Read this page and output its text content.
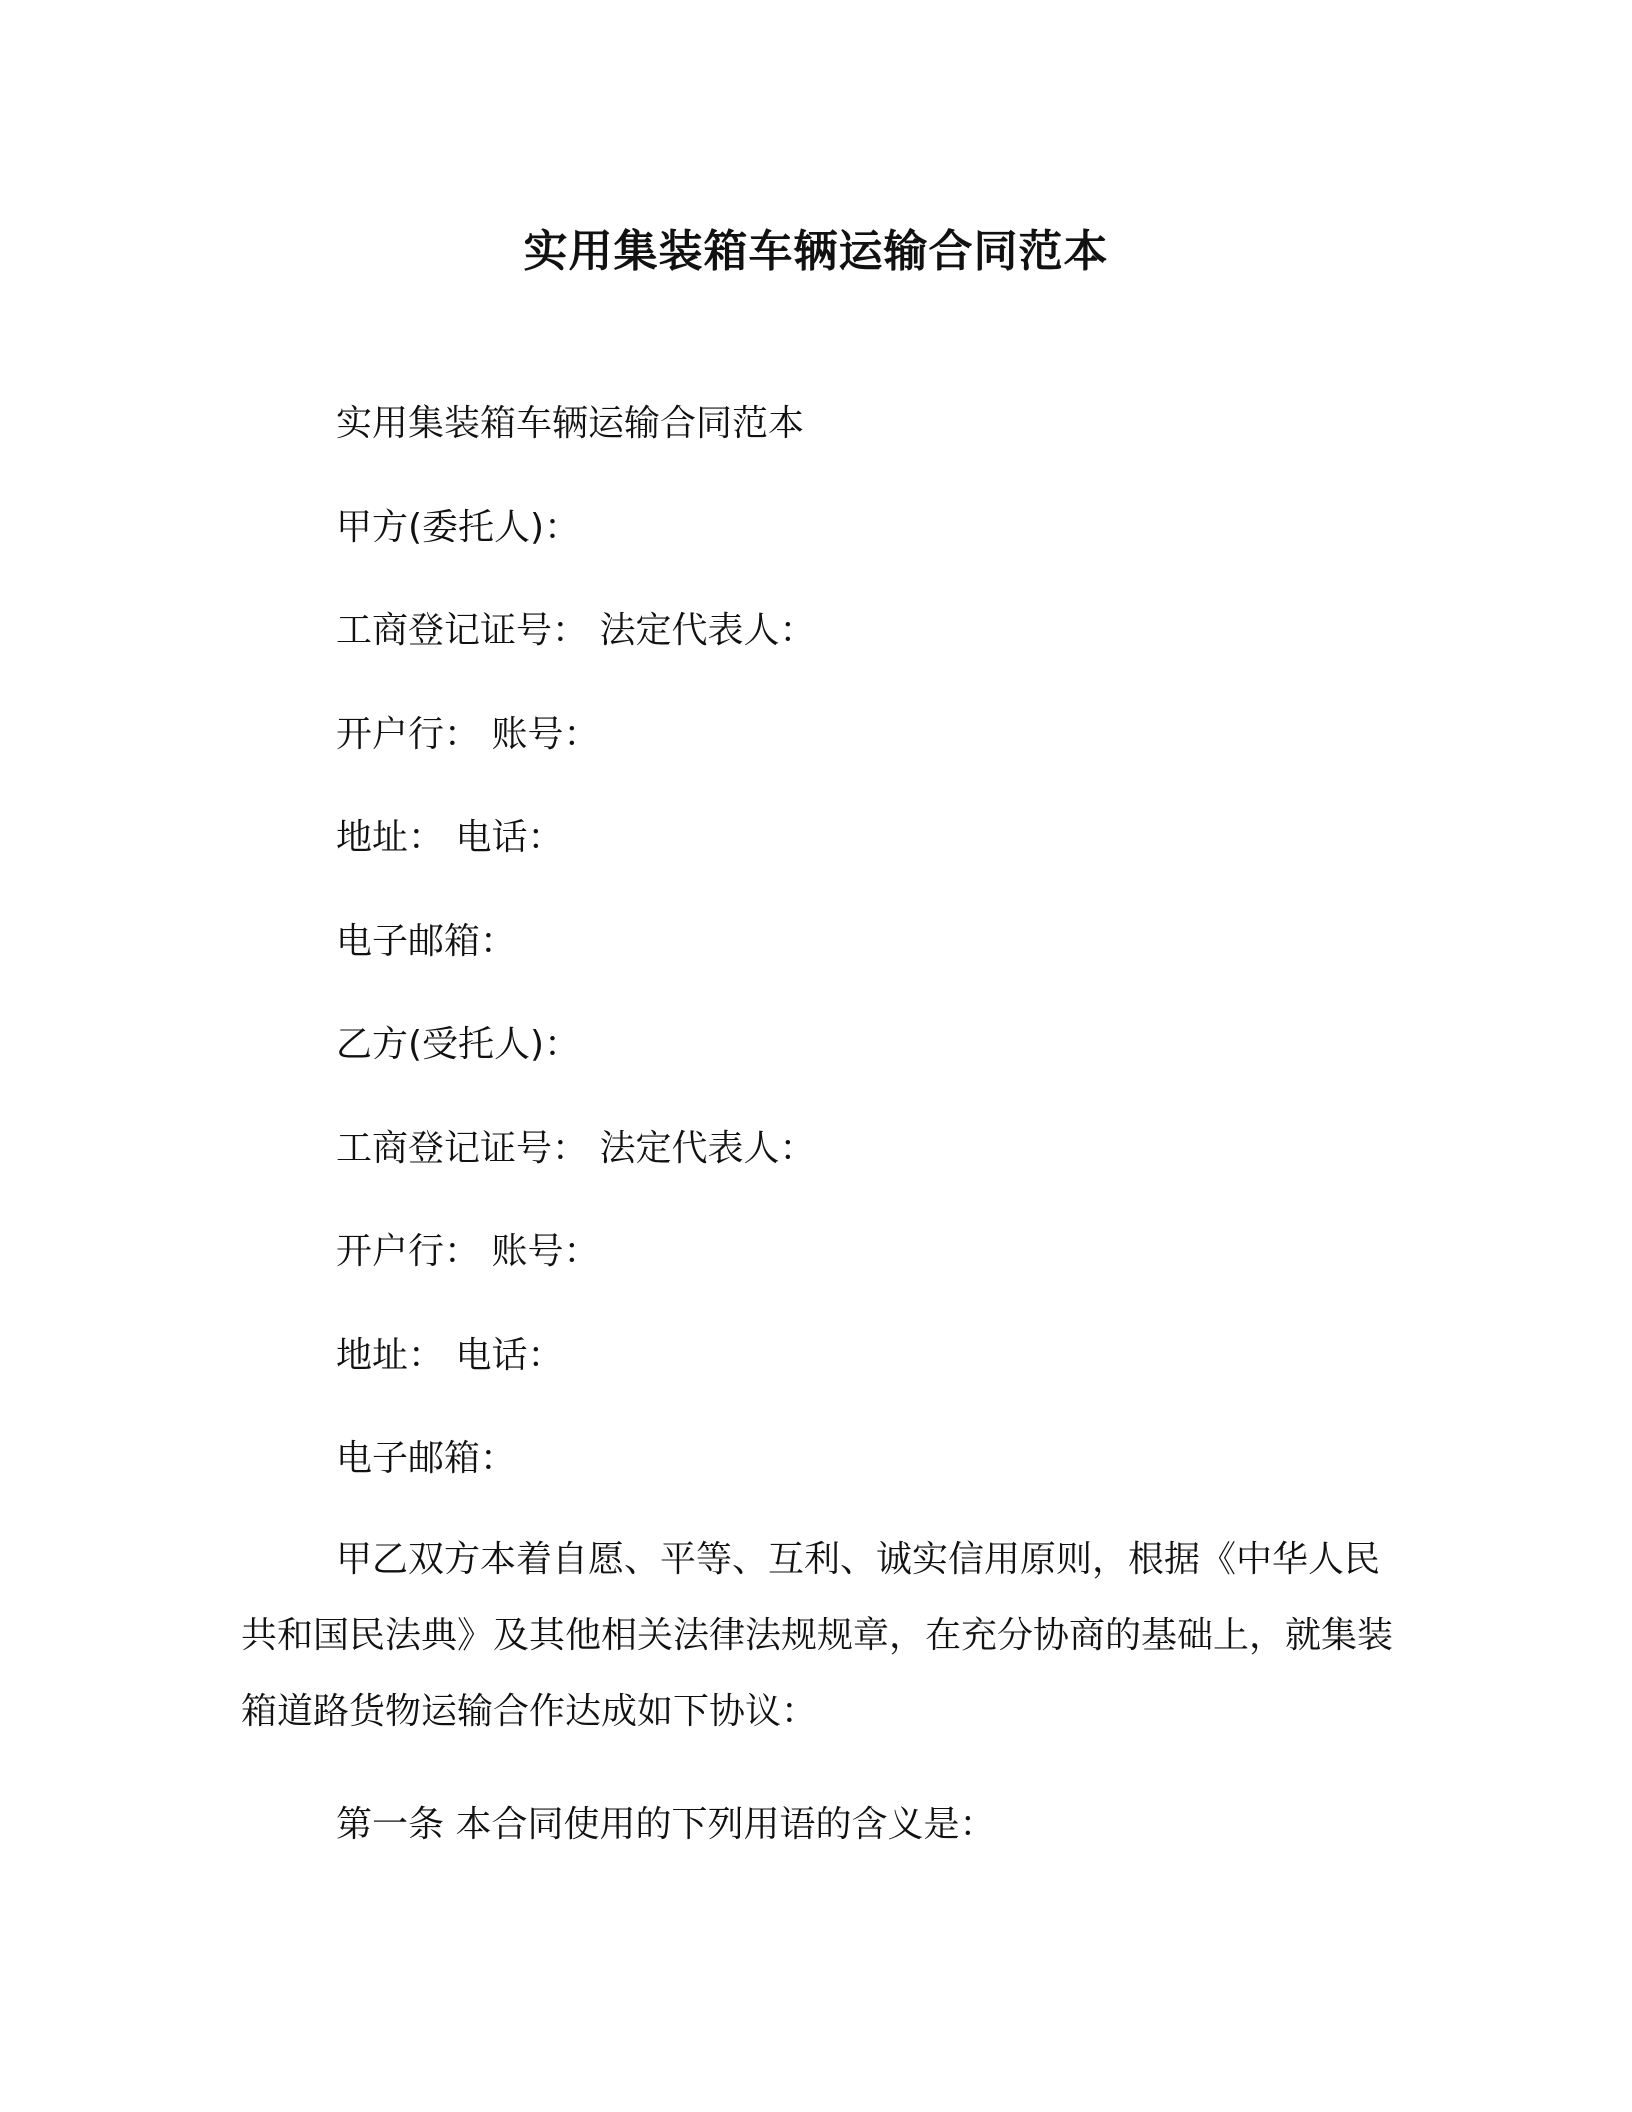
实用集装箱车辆运输合同范本
实用集装箱车辆运输合同范本
甲方(委托人)：
工商登记证号： 法定代表人：
开户行： 账号：
地址： 电话：
电子邮箱：
乙方(受托人)：
工商登记证号： 法定代表人：
开户行： 账号：
地址： 电话：
电子邮箱：

甲乙双方本着自愿、平等、互利、诚实信用原则，根据《中华人民共和国民法典》及其他相关法律法规规章，在充分协商的基础上，就集装箱道路货物运输合作达成如下协议：

第一条 本合同使用的下列用语的含义是：
